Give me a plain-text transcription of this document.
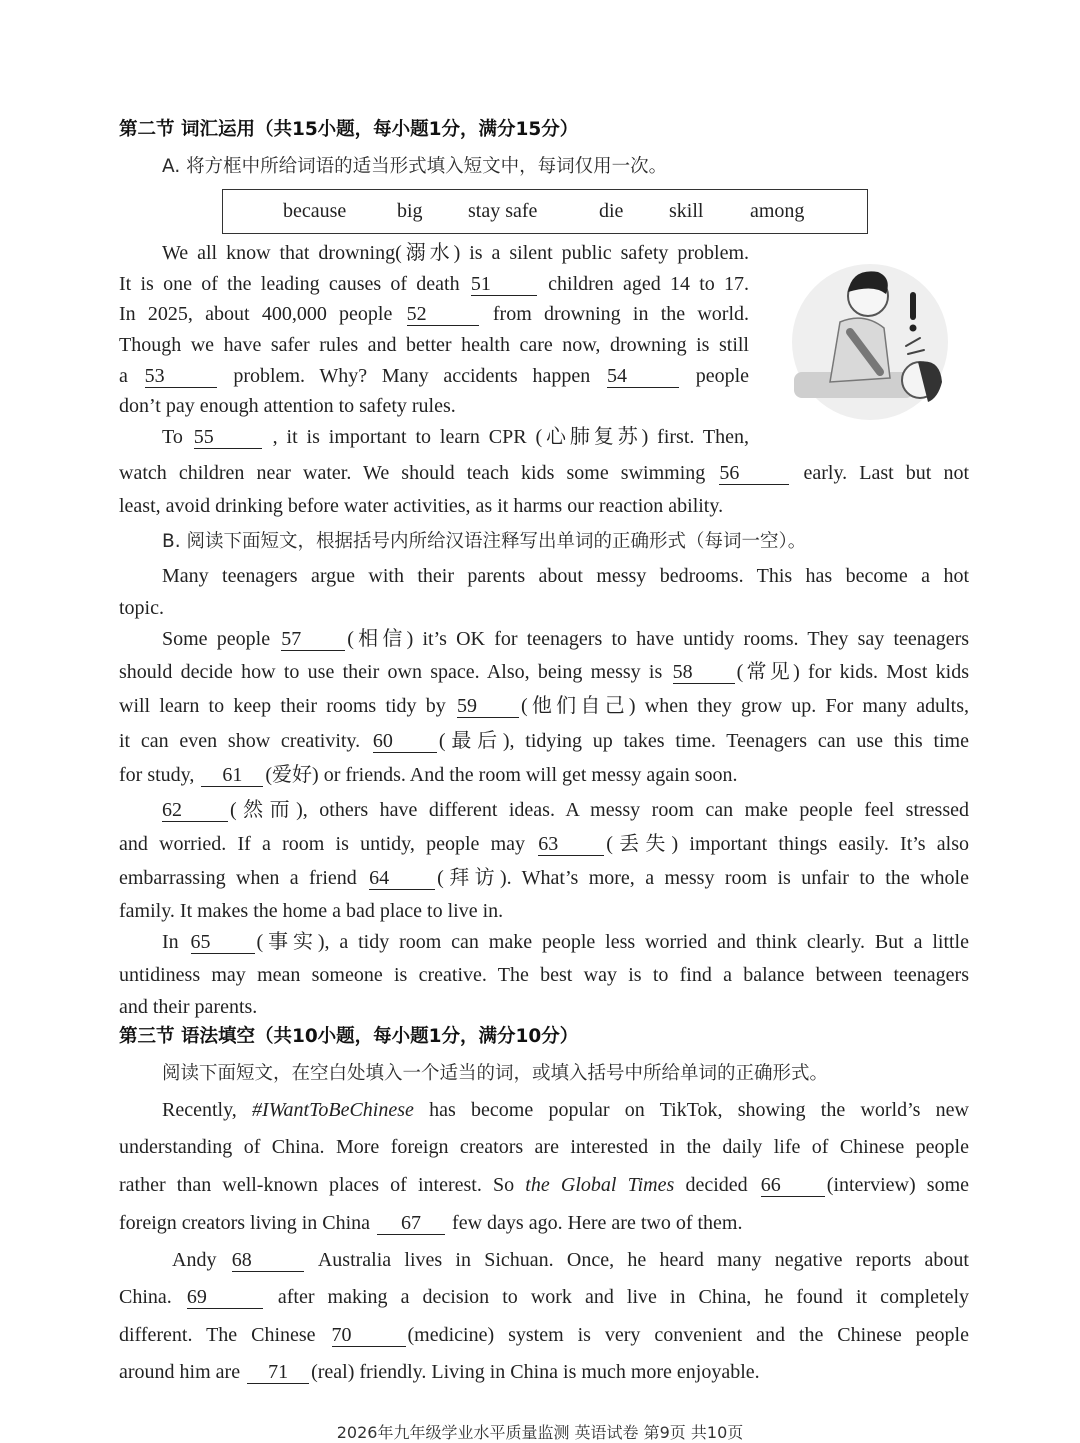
第二节 词汇运用（共15小题，每小题1分，满分15分）
A. 将方框中所给词语的适当形式填入短文中，每词仅用一次。
because	big stay safe	die skill among
We all know that drowning(溺水) is a silent public safety problem.
It is one of the leading causes of death 51	children aged 14 to 17.
In 2025, about 400,000 people 52	from drowning in the world.
Though we have safer rules and better health care now, drowning is still
a 53	problem. Why? Many accidents happen 54	people
don’t pay enough attention to safety rules.
To 55	, it is important to learn CPR (心肺复苏) first. Then,
watch children near water. We should teach kids some swimming 56	early. Last but not
least, avoid drinking before water activities, as it harms our reaction ability.
B. 阅读下面短文，根据括号内所给汉语注释写出单词的正确形式（每词一空）。
Many teenagers argue with their parents about messy bedrooms. This has become a hot
topic.
Some people 57 (相信) it’s OK for teenagers to have untidy rooms. They say teenagers
should decide how to use their own space. Also, being messy is 58 (常见) for kids. Most kids
will learn to keep their rooms tidy by 59 (他们自己) when they grow up. For many adults,
it can even show creativity. 60 (最后), tidying up takes time. Teenagers can use this time
for study, 61 (爱好) or friends. And the room will get messy again soon.
62 (然而), others have different ideas. A messy room can make people feel stressed
and worried. If a room is untidy, people may 63 (丢失) important things easily. It’s also
embarrassing when a friend 64 (拜访). What’s more, a messy room is unfair to the whole
family. It makes the home a bad place to live in.
In 65 (事实), a tidy room can make people less worried and think clearly. But a little
untidiness may mean someone is creative. The best way is to find a balance between teenagers
and their parents.
第三节 语法填空（共10小题，每小题1分，满分10分）
阅读下面短文，在空白处填入一个适当的词，或填入括号中所给单词的正确形式。
Recently, #IWantToBeChinese has become popular on TikTok, showing the world’s new
understanding of China. More foreign creators are interested in the daily life of Chinese people
rather than well-known places of interest. So the Global Times decided 66 (interview) some
foreign creators living in China 67 few days ago. Here are two of them.
Andy 68	Australia lives in Sichuan. Once, he heard many negative reports about
China. 69	after making a decision to work and live in China, he found it completely
different. The Chinese 70	(medicine) system is very convenient and the Chinese people
around him are 71 (real) friendly. Living in China is much more enjoyable.
2026年九年级学业水平质量监测 英语试卷 第9页 共10页
